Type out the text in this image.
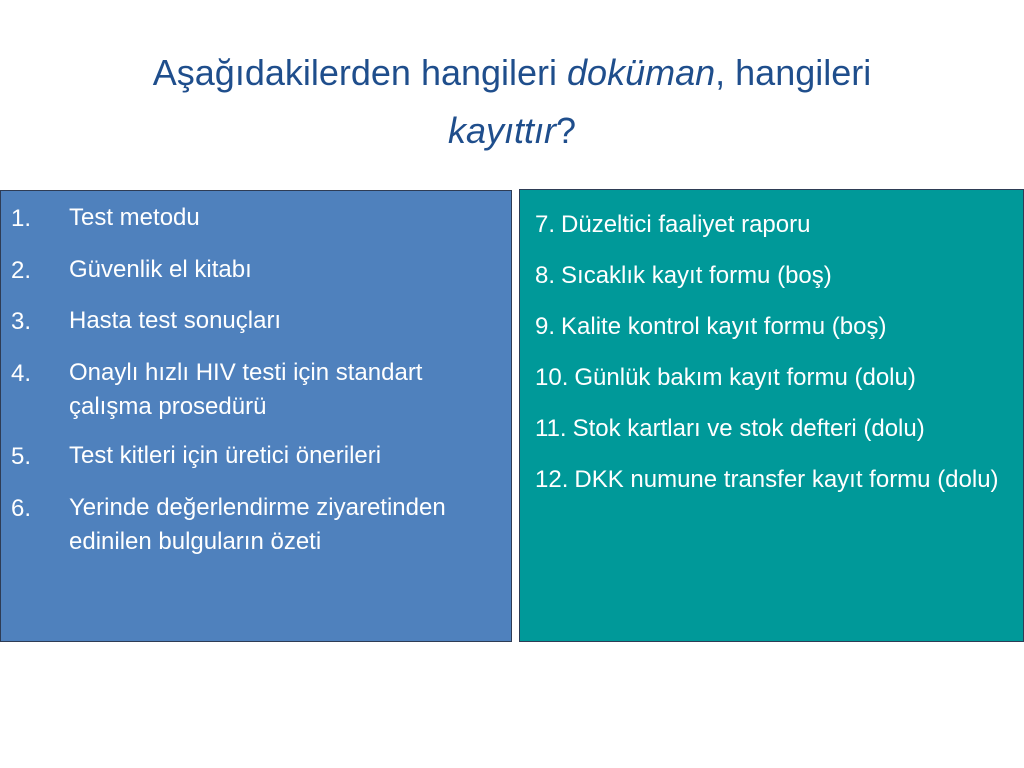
Aşağıdakilerden hangileri doküman, hangileri
kayıttır?
1.	Test metodu
2.	Güvenlik el kitabı
3.	Hasta test sonuçları
4.	Onaylı hızlı HIV testi için standart çalışma prosedürü
5.	Test kitleri için üretici önerileri
6.	Yerinde değerlendirme ziyaretinden edinilen bulguların özeti
7. Düzeltici faaliyet raporu
8. Sıcaklık kayıt formu (boş)
9. Kalite kontrol kayıt formu (boş)
10. Günlük bakım kayıt formu (dolu)
11. Stok kartları ve stok defteri (dolu)
12. DKK numune transfer kayıt formu (dolu)
